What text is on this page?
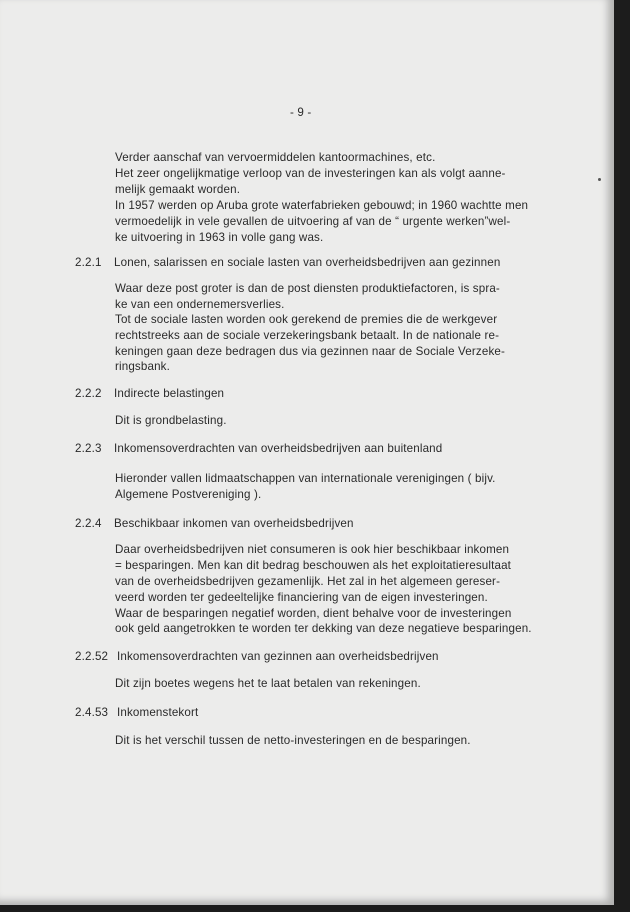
- 9 -
Verder aanschaf van vervoermiddelen kantoormachines, etc.
Het zeer ongelijkmatige verloop van de investeringen kan als volgt aanne-
melijk gemaakt worden.
In 1957 werden op Aruba grote waterfabrieken gebouwd; in 1960 wachtte men
vermoedelijk in vele gevallen de uitvoering af van de “ urgente werken”wel-
ke uitvoering in 1963 in volle gang was.
2.2.1 Lonen, salarissen en sociale lasten van overheidsbedrijven aan gezinnen
Waar deze post groter is dan de post diensten produktiefactoren, is spra-
ke van een ondernemersverlies.
Tot de sociale lasten worden ook gerekend de premies die de werkgever
rechtstreeks aan de sociale verzekeringsbank betaalt. In de nationale re-
keningen gaan deze bedragen dus via gezinnen naar de Sociale Verzeke-
ringsbank.
2.2.2 Indirecte belastingen
Dit is grondbelasting.
2.2.3 Inkomensoverdrachten van overheidsbedrijven aan buitenland
Hieronder vallen lidmaatschappen van internationale verenigingen ( bijv.
Algemene Postvereniging ).
2.2.4 Beschikbaar inkomen van overheidsbedrijven
Daar overheidsbedrijven niet consumeren is ook hier beschikbaar inkomen
= besparingen. Men kan dit bedrag beschouwen als het exploitatieresultaat
van de overheidsbedrijven gezamenlijk. Het zal in het algemeen gereser-
veerd worden ter gedeeltelijke financiering van de eigen investeringen.
Waar de besparingen negatief worden, dient behalve voor de investeringen
ook geld aangetrokken te worden ter dekking van deze negatieve besparingen.
2.2.52 Inkomensoverdrachten van gezinnen aan overheidsbedrijven
Dit zijn boetes wegens het te laat betalen van rekeningen.
2.4.53 Inkomenstekort
Dit is het verschil tussen de netto-investeringen en de besparingen.
